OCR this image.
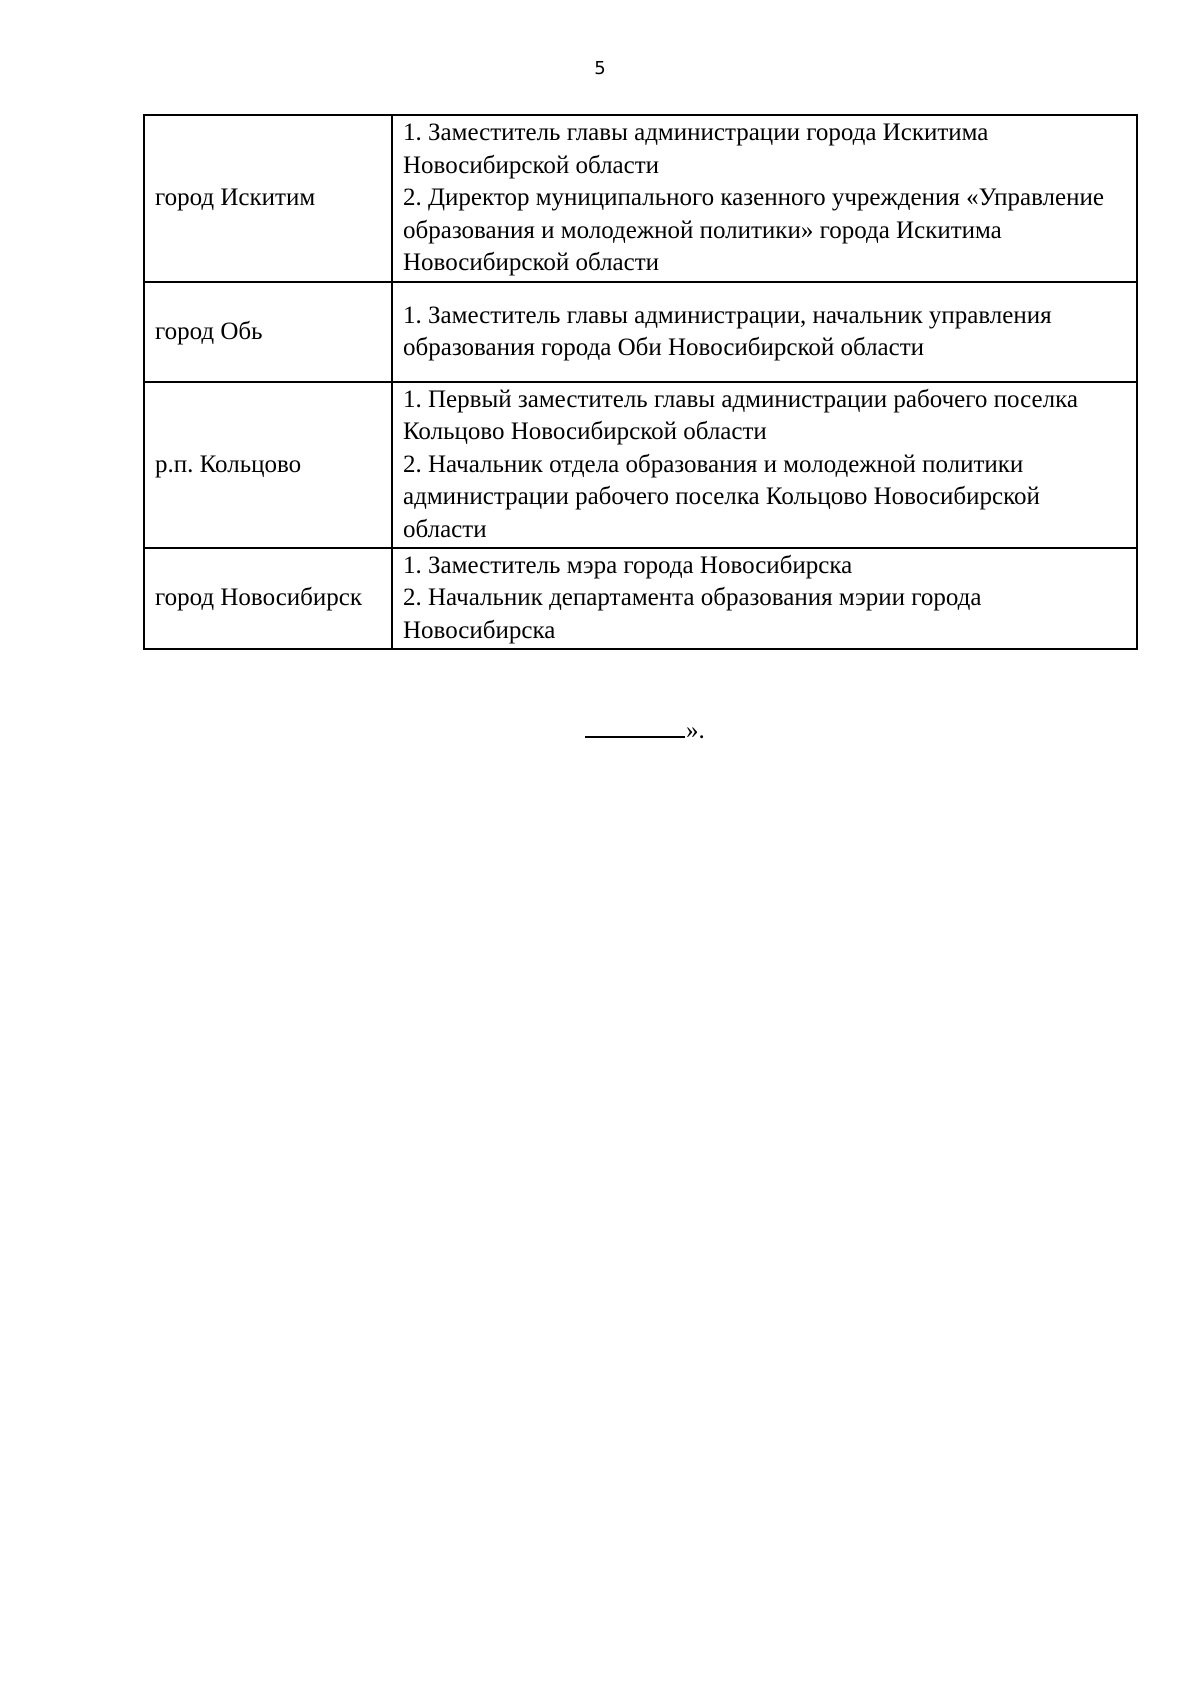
5
город Искитим	1. Заместитель главы администрации города Искитима Новосибирской области
2. Директор муниципального казенного учреждения «Управление образования и молодежной политики» города Искитима Новосибирской области

город Обь	1. Заместитель главы администрации, начальник управления образования города Оби Новосибирской области

р.п. Кольцово	1. Первый заместитель главы администрации рабочего поселка Кольцово Новосибирской области
2. Начальник отдела образования и молодежной политики администрации рабочего поселка Кольцово Новосибирской области

город Новосибирск	1. Заместитель мэра города Новосибирска
2. Начальник департамента образования мэрии города Новосибирска
».
